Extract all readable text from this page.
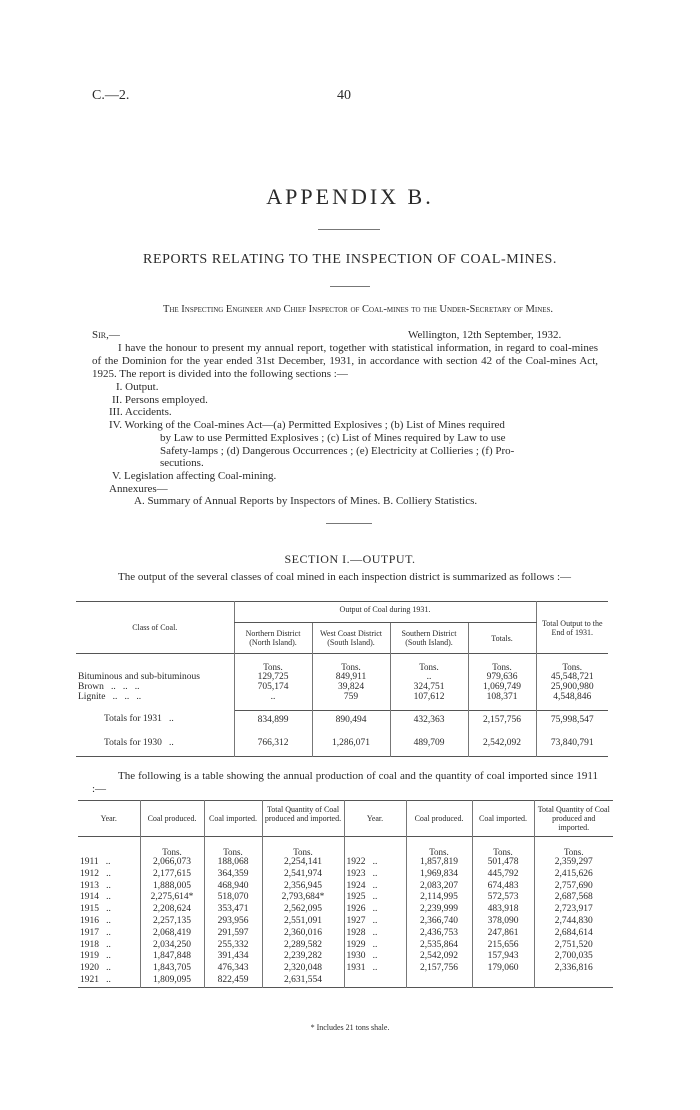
C.—2.	40
APPENDIX B.
REPORTS RELATING TO THE INSPECTION OF COAL-MINES.
The Inspecting Engineer and Chief Inspector of Coal-mines to the Under-Secretary of Mines.
Sir,—	Wellington, 12th September, 1932.
I have the honour to present my annual report, together with statistical information, in regard to coal-mines of the Dominion for the year ended 31st December, 1931, in accordance with section 42 of the Coal-mines Act, 1925. The report is divided into the following sections :—
I. Output.
II. Persons employed.
III. Accidents.
IV. Working of the Coal-mines Act—(a) Permitted Explosives ; (b) List of Mines required
by Law to use Permitted Explosives ; (c) List of Mines required by Law to use
Safety-lamps ; (d) Dangerous Occurrences ; (e) Electricity at Collieries ; (f) Pro-
secutions.
V. Legislation affecting Coal-mining.
Annexures—
A. Summary of Annual Reports by Inspectors of Mines. B. Colliery Statistics.
SECTION I.—OUTPUT.
The output of the several classes of coal mined in each inspection district is summarized as follows :—
Class of Coal.	Output of Coal during 1931.				Total Output to the End of 1931.
	Northern District (North Island).	West Coast District (South Island).	Southern District (South Island).	Totals.	
	Tons.	Tons.	Tons.	Tons.	Tons.
Bituminous and sub-bituminous	129,725	849,911	..	979,636	45,548,721
Brown   ..   ..   ..	705,174	39,824	324,751	1,069,749	25,900,980
Lignite   ..   ..   ..	..	759	107,612	108,371	4,548,846
Totals for 1931   ..	834,899	890,494	432,363	2,157,756	75,998,547
Totals for 1930   ..	766,312	1,286,071	489,709	2,542,092	73,840,791
The following is a table showing the annual production of coal and the quantity of coal imported since 1911 :—
Year.	Coal produced.	Coal imported.	Total Quantity of Coal produced and imported.	Year.	Coal produced.	Coal imported.	Total Quantity of Coal produced and imported.
	Tons.	Tons.	Tons.		Tons.	Tons.	Tons.
1911   ..	2,066,073	188,068	2,254,141	1922   ..	1,857,819	501,478	2,359,297
1912   ..	2,177,615	364,359	2,541,974	1923   ..	1,969,834	445,792	2,415,626
1913   ..	1,888,005	468,940	2,356,945	1924   ..	2,083,207	674,483	2,757,690
1914   ..	2,275,614*	518,070	2,793,684*	1925   ..	2,114,995	572,573	2,687,568
1915   ..	2,208,624	353,471	2,562,095	1926   ..	2,239,999	483,918	2,723,917
1916   ..	2,257,135	293,956	2,551,091	1927   ..	2,366,740	378,090	2,744,830
1917   ..	2,068,419	291,597	2,360,016	1928   ..	2,436,753	247,861	2,684,614
1918   ..	2,034,250	255,332	2,289,582	1929   ..	2,535,864	215,656	2,751,520
1919   ..	1,847,848	391,434	2,239,282	1930   ..	2,542,092	157,943	2,700,035
1920   ..	1,843,705	476,343	2,320,048	1931   ..	2,157,756	179,060	2,336,816
1921   ..	1,809,095	822,459	2,631,554				
* Includes 21 tons shale.
